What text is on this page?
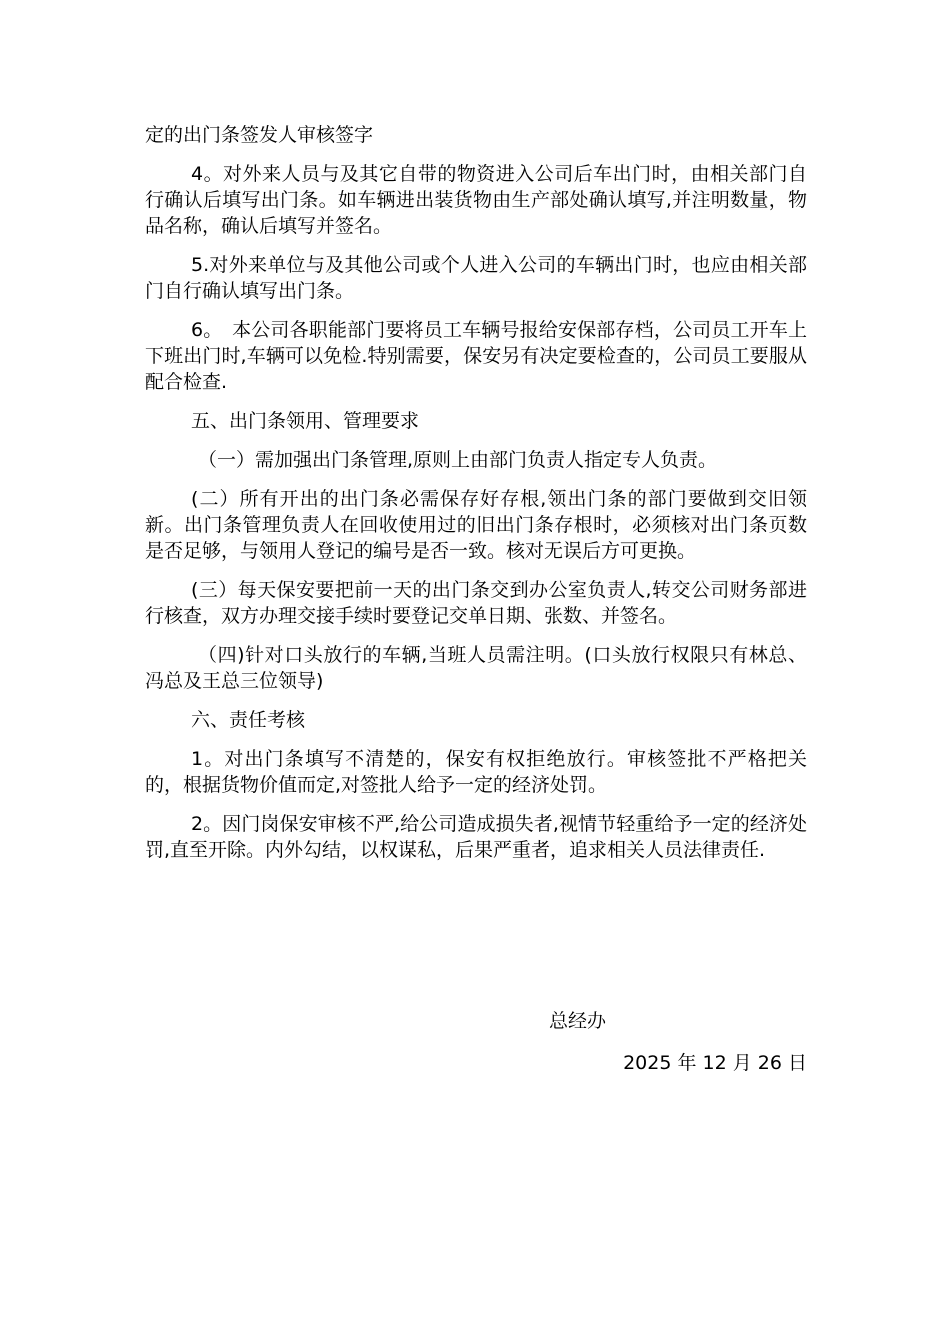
定的出门条签发人审核签字

4。对外来人员与及其它自带的物资进入公司后车出门时，由相关部门自行确认后填写出门条。如车辆进出装货物由生产部处确认填写,并注明数量，物品名称，确认后填写并签名。

5.对外来单位与及其他公司或个人进入公司的车辆出门时，也应由相关部门自行确认填写出门条。

6。　本公司各职能部门要将员工车辆号报给安保部存档，公司员工开车上下班出门时,车辆可以免检.特别需要，保安另有决定要检查的，公司员工要服从配合检查.

五、出门条领用、管理要求

（一）需加强出门条管理,原则上由部门负责人指定专人负责。

(二）所有开出的出门条必需保存好存根,领出门条的部门要做到交旧领新。出门条管理负责人在回收使用过的旧出门条存根时，必须核对出门条页数是否足够，与领用人登记的编号是否一致。核对无误后方可更换。

(三）每天保安要把前一天的出门条交到办公室负责人,转交公司财务部进行核查，双方办理交接手续时要登记交单日期、张数、并签名。

（四)针对口头放行的车辆,当班人员需注明。(口头放行权限只有林总、冯总及王总三位领导)

六、责任考核

1。对出门条填写不清楚的，保安有权拒绝放行。审核签批不严格把关的，根据货物价值而定,对签批人给予一定的经济处罚。

2。因门岗保安审核不严,给公司造成损失者,视情节轻重给予一定的经济处罚,直至开除。内外勾结，以权谋私，后果严重者，追求相关人员法律责任.

总经办
2025 年 12 月 26 日
